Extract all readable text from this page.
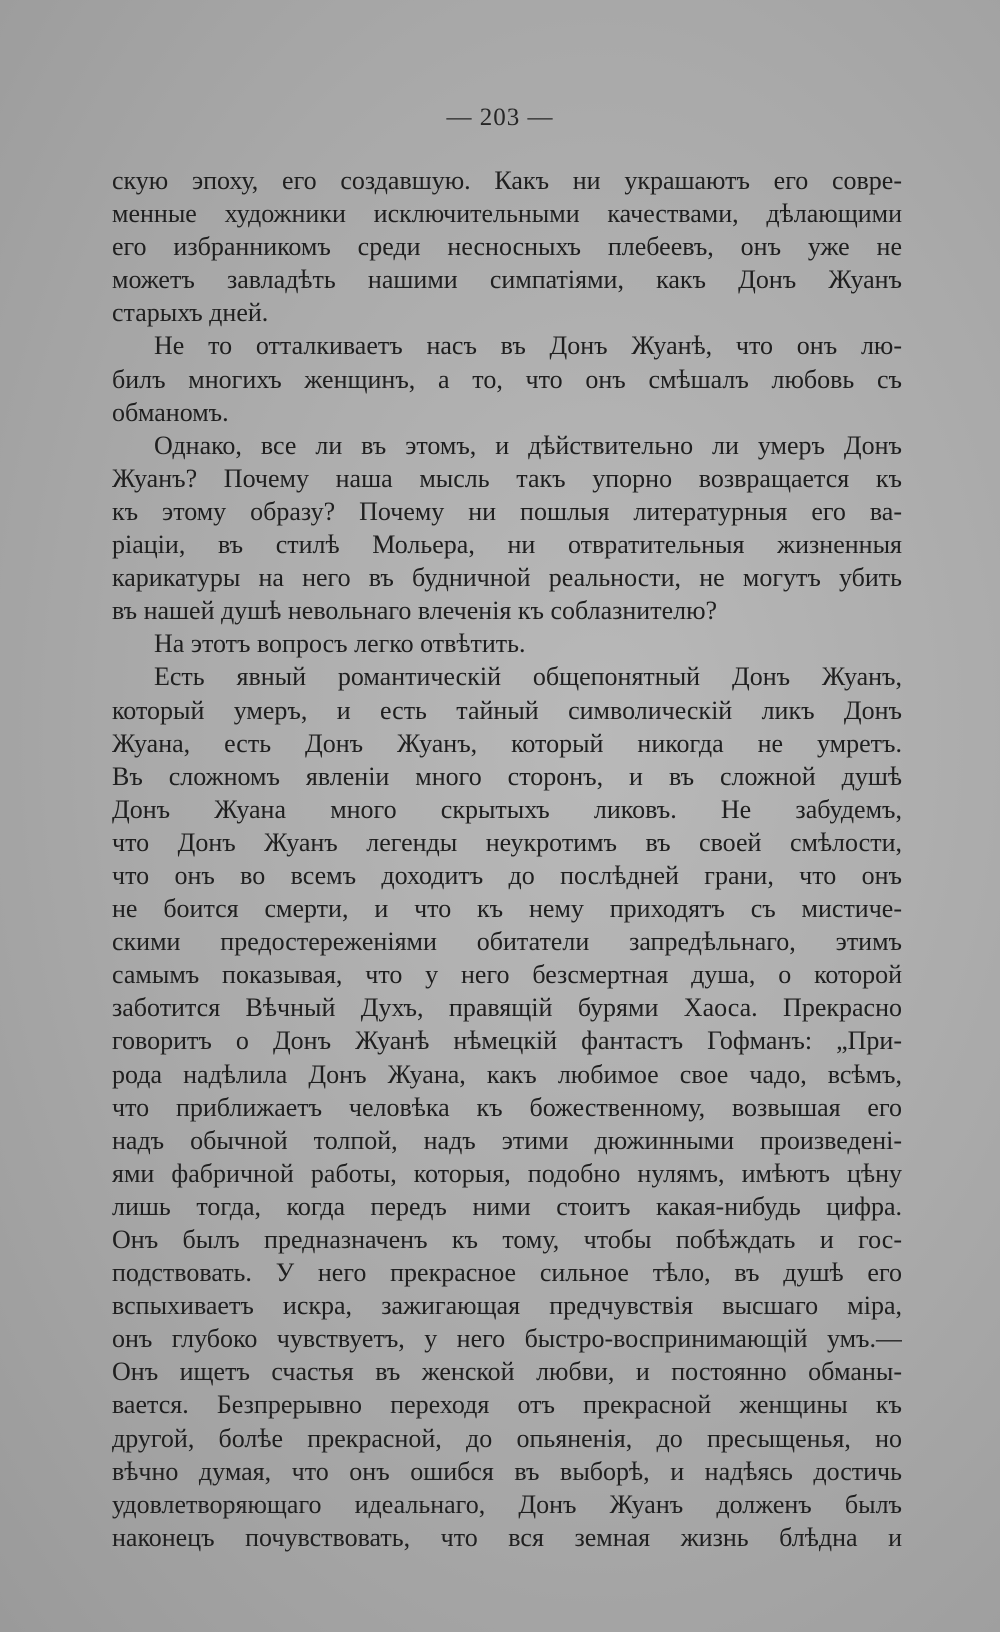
— 203 —
скую эпоху, его создавшую. Какъ ни украшаютъ его совре-
менные художники исключительными качествами, дѣлающими
его избранникомъ среди несносныхъ плебеевъ, онъ уже не
можетъ завладѣть нашими симпатіями, какъ Донъ Жуанъ
старыхъ дней.
Не то отталкиваетъ насъ въ Донъ Жуанѣ, что онъ лю-
билъ многихъ женщинъ, а то, что онъ смѣшалъ любовь съ
обманомъ.
Однако, все ли въ этомъ, и дѣйствительно ли умеръ Донъ
Жуанъ? Почему наша мысль такъ упорно возвращается къ
къ этому образу? Почему ни пошлыя литературныя его ва-
ріаціи, въ стилѣ Мольера, ни отвратительныя жизненныя
карикатуры на него въ будничной реальности, не могутъ убить
въ нашей душѣ невольнаго влеченія къ соблазнителю?
На этотъ вопросъ легко отвѣтить.
Есть явный романтическій общепонятный Донъ Жуанъ,
который умеръ, и есть тайный символическій ликъ Донъ
Жуана, есть Донъ Жуанъ, который никогда не умретъ.
Въ сложномъ явленіи много сторонъ, и въ сложной душѣ
Донъ Жуана много скрытыхъ ликовъ. Не забудемъ,
что Донъ Жуанъ легенды неукротимъ въ своей смѣлости,
что онъ во всемъ доходитъ до послѣдней грани, что онъ
не боится смерти, и что къ нему приходятъ съ мистиче-
скими предостереженіями обитатели запредѣльнаго, этимъ
самымъ показывая, что у него безсмертная душа, о которой
заботится Вѣчный Духъ, правящій бурями Хаоса. Прекрасно
говоритъ о Донъ Жуанѣ нѣмецкій фантастъ Гофманъ: „При-
рода надѣлила Донъ Жуана, какъ любимое свое чадо, всѣмъ,
что приближаетъ человѣка къ божественному, возвышая его
надъ обычной толпой, надъ этими дюжинными произведені-
ями фабричной работы, которыя, подобно нулямъ, имѣютъ цѣну
лишь тогда, когда передъ ними стоитъ какая-нибудь цифра.
Онъ былъ предназначенъ къ тому, чтобы побѣждать и гос-
подствовать. У него прекрасное сильное тѣло, въ душѣ его
вспыхиваетъ искра, зажигающая предчувствія высшаго міра,
онъ глубоко чувствуетъ, у него быстро-воспринимающій умъ.—
Онъ ищетъ счастья въ женской любви, и постоянно обманы-
вается. Безпрерывно переходя отъ прекрасной женщины къ
другой, болѣе прекрасной, до опьяненія, до пресыщенья, но
вѣчно думая, что онъ ошибся въ выборѣ, и надѣясь достичь
удовлетворяющаго идеальнаго, Донъ Жуанъ долженъ былъ
наконецъ почувствовать, что вся земная жизнь блѣдна и
